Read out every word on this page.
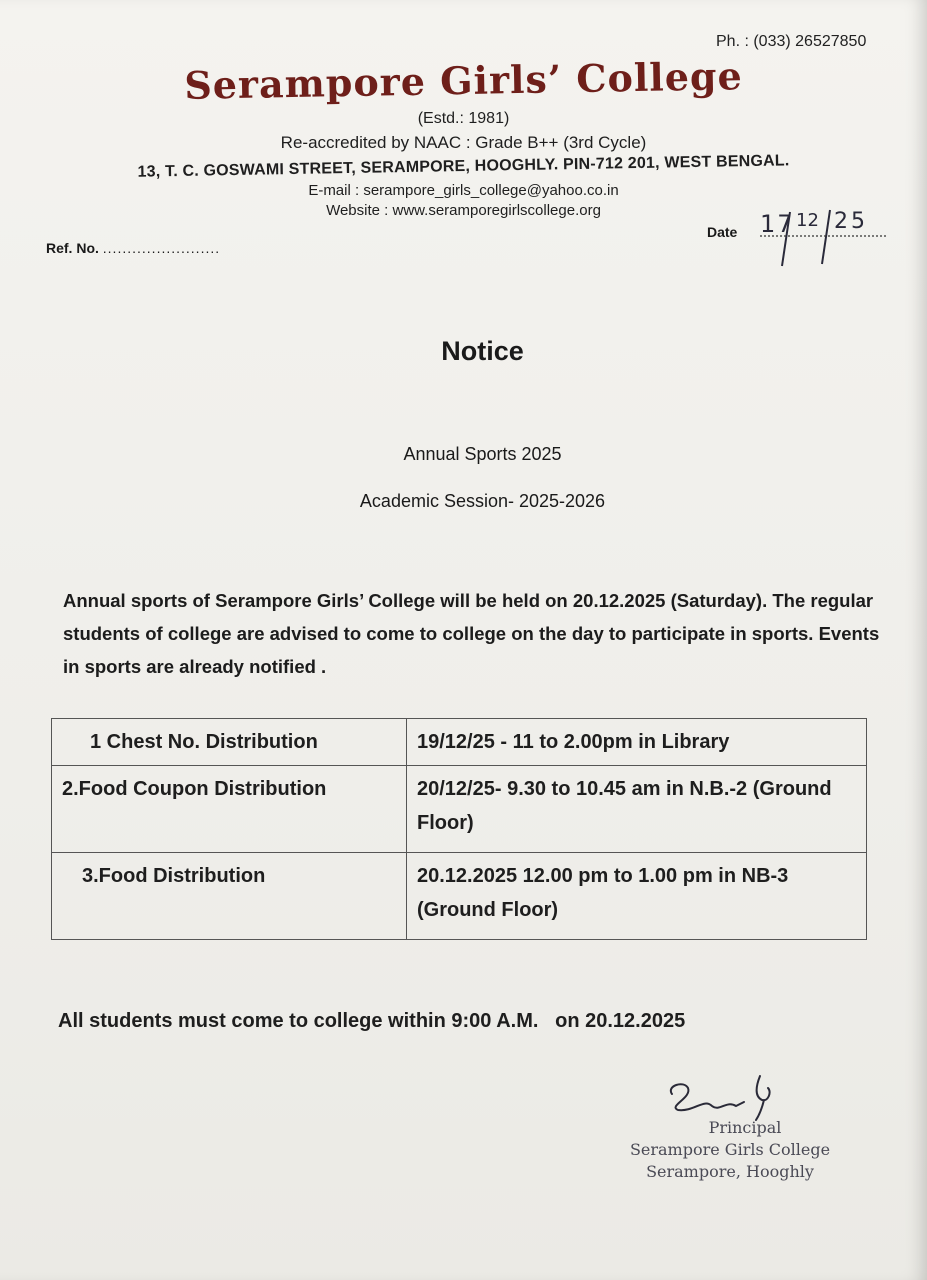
Ph. : (033) 26527850
Serampore Girls’ College
(Estd.: 1981)
Re-accredited by NAAC : Grade B++ (3rd Cycle)
13, T. C. GOSWAMI STREET, SERAMPORE, HOOGHLY. PIN-712 201, WEST BENGAL.
E-mail : serampore_girls_college@yahoo.co.in
Website : www.seramporegirlscollege.org
Ref. No. ........................
Date 17 12 25
Notice
Annual Sports 2025
Academic Session- 2025-2026
Annual sports of Serampore Girls’ College will be held on 20.12.2025 (Saturday). The regular students of college are advised to come to college on the day to participate in sports. Events in sports are already notified .
1 Chest No. Distribution	19/12/25 - 11 to 2.00pm in Library
2.Food Coupon Distribution	20/12/25- 9.30 to 10.45 am in N.B.-2 (Ground Floor)
3.Food Distribution	20.12.2025 12.00 pm to 1.00 pm in NB-3 (Ground Floor)
All students must come to college within 9:00 A.M.   on 20.12.2025
Principal
Serampore Girls College
Serampore, Hooghly
